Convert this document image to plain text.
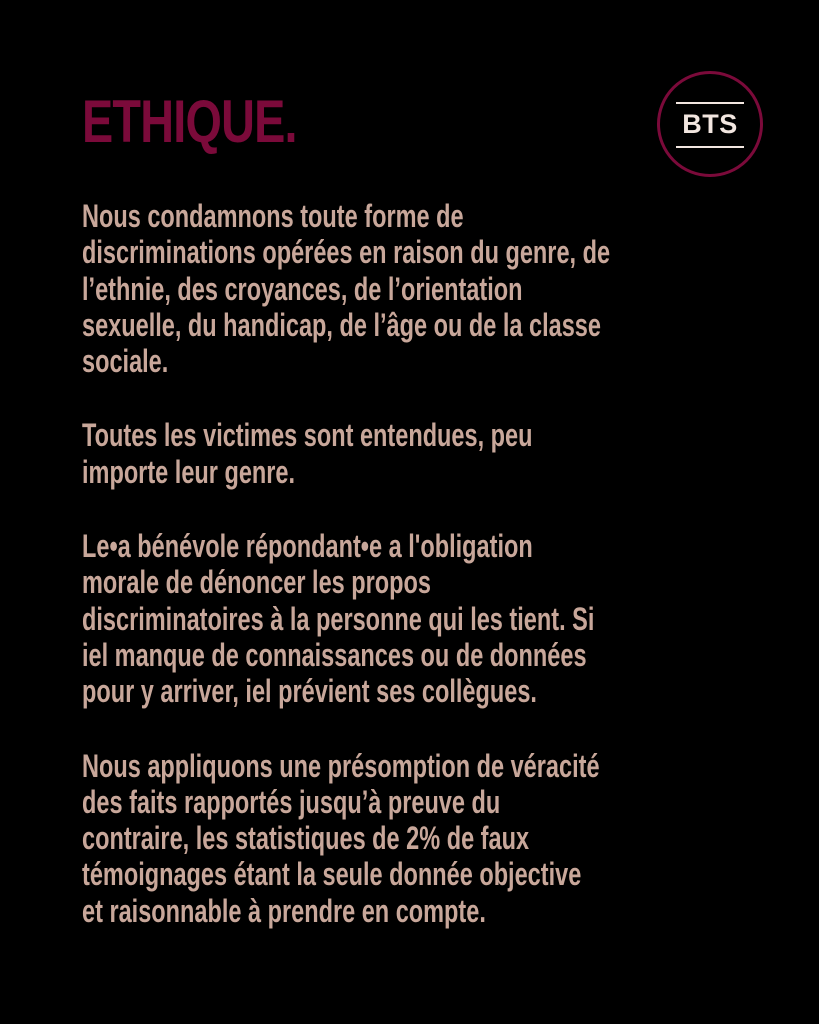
ETHIQUE.	BTS

Nous condamnons toute forme de
discriminations opérées en raison du genre, de
l’ethnie, des croyances, de l’orientation
sexuelle, du handicap, de l’âge ou de la classe
sociale.

Toutes les victimes sont entendues, peu
importe leur genre.

Le•a bénévole répondant•e a l'obligation
morale de dénoncer les propos
discriminatoires à la personne qui les tient. Si
iel manque de connaissances ou de données
pour y arriver, iel prévient ses collègues.

Nous appliquons une présomption de véracité
des faits rapportés jusqu’à preuve du
contraire, les statistiques de 2% de faux
témoignages étant la seule donnée objective
et raisonnable à prendre en compte.
